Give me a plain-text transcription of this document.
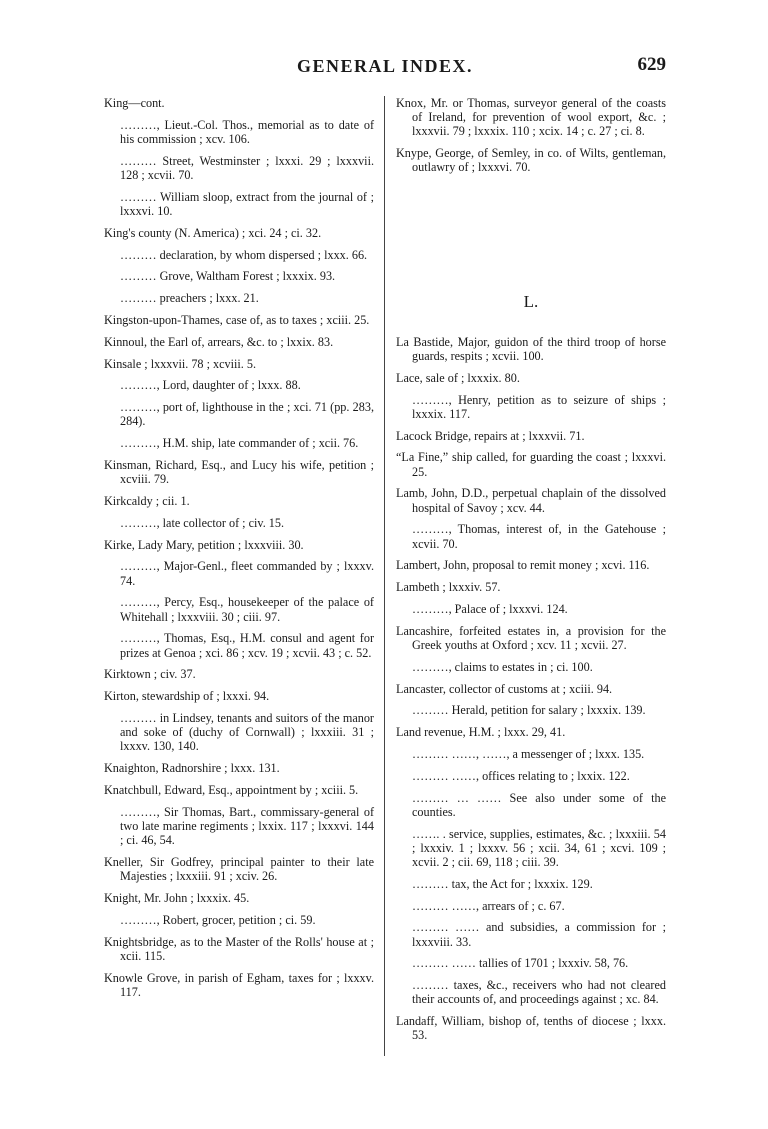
GENERAL INDEX.	629
King—cont.
………, Lieut.-Col. Thos., memorial as to date of his commission ; xcv. 106.
……… Street, Westminster ; lxxxi. 29 ; lxxxvii. 128 ; xcvii. 70.
……… William sloop, extract from the journal of ; lxxxvi. 10.
King's county (N. America) ; xci. 24 ; ci. 32.
……… declaration, by whom dispersed ; lxxx. 66.
……… Grove, Waltham Forest ; lxxxix. 93.
……… preachers ; lxxx. 21.
Kingston-upon-Thames, case of, as to taxes ; xciii. 25.
Kinnoul, the Earl of, arrears, &c. to ; lxxix. 83.
Kinsale ; lxxxvii. 78 ; xcviii. 5.
………, Lord, daughter of ; lxxx. 88.
………, port of, lighthouse in the ; xci. 71 (pp. 283, 284).
………, H.M. ship, late commander of ; xcii. 76.
Kinsman, Richard, Esq., and Lucy his wife, petition ; xcviii. 79.
Kirkcaldy ; cii. 1.
………, late collector of ; civ. 15.
Kirke, Lady Mary, petition ; lxxxviii. 30.
………, Major-Genl., fleet commanded by ; lxxxv. 74.
………, Percy, Esq., housekeeper of the palace of Whitehall ; lxxxviii. 30 ; ciii. 97.
………, Thomas, Esq., H.M. consul and agent for prizes at Genoa ; xci. 86 ; xcv. 19 ; xcvii. 43 ; c. 52.
Kirktown ; civ. 37.
Kirton, stewardship of ; lxxxi. 94.
……… in Lindsey, tenants and suitors of the manor and soke of (duchy of Cornwall) ; lxxxiii. 31 ; lxxxv. 130, 140.
Knaighton, Radnorshire ; lxxx. 131.
Knatchbull, Edward, Esq., appointment by ; xciii. 5.
………, Sir Thomas, Bart., commissary-general of two late marine regiments ; lxxix. 117 ; lxxxvi. 144 ; ci. 46, 54.
Kneller, Sir Godfrey, principal painter to their late Majesties ; lxxxiii. 91 ; xciv. 26.
Knight, Mr. John ; lxxxix. 45.
………, Robert, grocer, petition ; ci. 59.
Knightsbridge, as to the Master of the Rolls' house at ; xcii. 115.
Knowle Grove, in parish of Egham, taxes for ; lxxxv. 117.
Knox, Mr. or Thomas, surveyor general of the coasts of Ireland, for prevention of wool export, &c. ; lxxxvii. 79 ; lxxxix. 110 ; xcix. 14 ; c. 27 ; ci. 8.
Knype, George, of Semley, in co. of Wilts, gentleman, outlawry of ; lxxxvi. 70.
L.
La Bastide, Major, guidon of the third troop of horse guards, respits ; xcvii. 100.
Lace, sale of ; lxxxix. 80.
………, Henry, petition as to seizure of ships ; lxxxix. 117.
Lacock Bridge, repairs at ; lxxxvii. 71.
“La Fine,” ship called, for guarding the coast ; lxxxvi. 25.
Lamb, John, D.D., perpetual chaplain of the dissolved hospital of Savoy ; xcv. 44.
………, Thomas, interest of, in the Gatehouse ; xcvii. 70.
Lambert, John, proposal to remit money ; xcvi. 116.
Lambeth ; lxxxiv. 57.
………, Palace of ; lxxxvi. 124.
Lancashire, forfeited estates in, a provision for the Greek youths at Oxford ; xcv. 11 ; xcvii. 27.
………, claims to estates in ; ci. 100.
Lancaster, collector of customs at ; xciii. 94.
……… Herald, petition for salary ; lxxxix. 139.
Land revenue, H.M. ; lxxx. 29, 41.
……… ……, ……, a messenger of ; lxxx. 135.
……… ……, offices relating to ; lxxix. 122.
……… … …… See also under some of the counties.
……. . service, supplies, estimates, &c. ; lxxxiii. 54 ; lxxxiv. 1 ; lxxxv. 56 ; xcii. 34, 61 ; xcvi. 109 ; xcvii. 2 ; cii. 69, 118 ; ciii. 39.
……… tax, the Act for ; lxxxix. 129.
……… ……, arrears of ; c. 67.
……… …… and subsidies, a commission for ; lxxxviii. 33.
……… …… tallies of 1701 ; lxxxiv. 58, 76.
……… taxes, &c., receivers who had not cleared their accounts of, and proceedings against ; xc. 84.
Landaff, William, bishop of, tenths of diocese ; lxxx. 53.
